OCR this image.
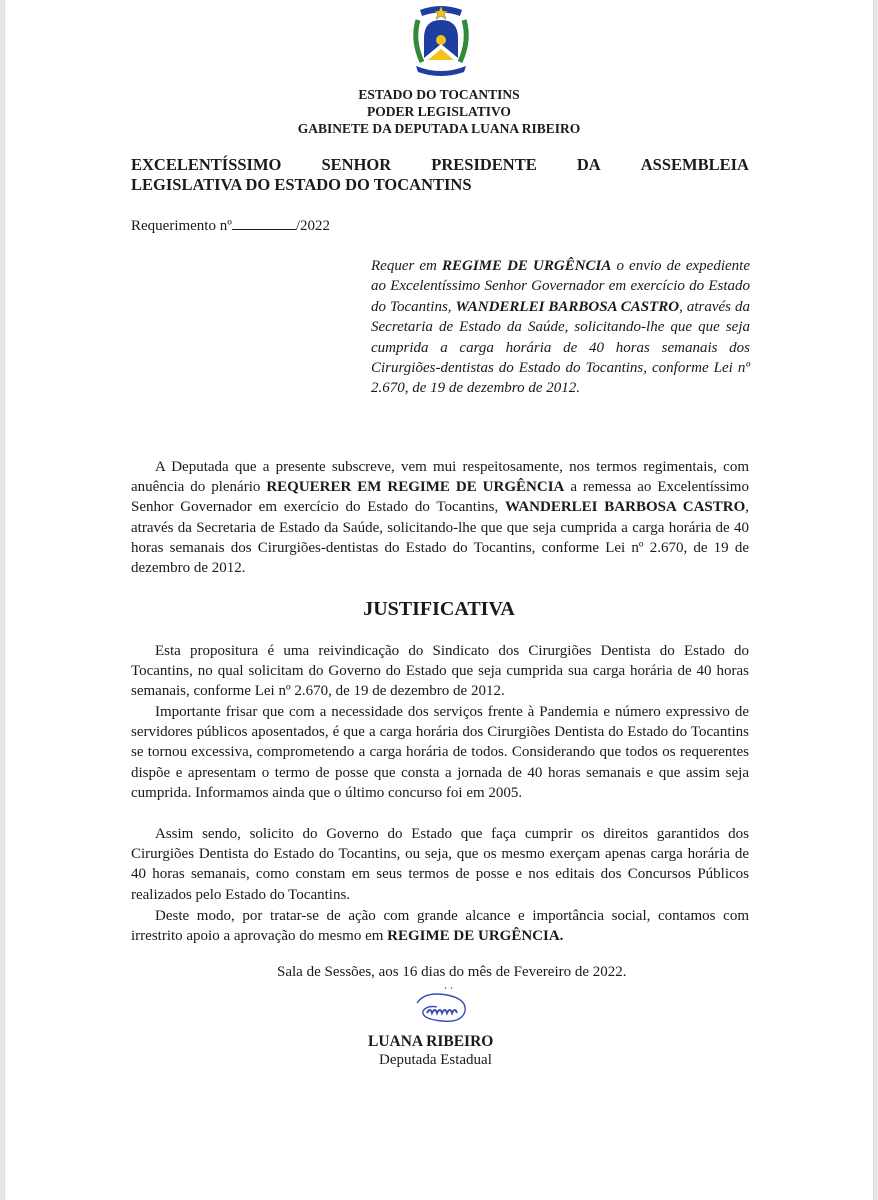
ESTADO DO TOCANTINS
PODER LEGISLATIVO
GABINETE DA DEPUTADA LUANA RIBEIRO
EXCELENTÍSSIMO SENHOR PRESIDENTE DA ASSEMBLEIA
LEGISLATIVA DO ESTADO DO TOCANTINS
Requerimento nº	/2022
Requer em REGIME DE URGÊNCIA o envio de expediente ao Excelentíssimo Senhor Governador em exercício do Estado do Tocantins, WANDERLEI BARBOSA CASTRO, através da Secretaria de Estado da Saúde, solicitando-lhe que que seja cumprida a carga horária de 40 horas semanais dos Cirurgiões-dentistas do Estado do Tocantins, conforme Lei nº 2.670, de 19 de dezembro de 2012.
A Deputada que a presente subscreve, vem mui respeitosamente, nos termos regimentais, com anuência do plenário REQUERER EM REGIME DE URGÊNCIA a remessa ao Excelentíssimo Senhor Governador em exercício do Estado do Tocantins, WANDERLEI BARBOSA CASTRO, através da Secretaria de Estado da Saúde, solicitando-lhe que que seja cumprida a carga horária de 40 horas semanais dos Cirurgiões-dentistas do Estado do Tocantins, conforme Lei nº 2.670, de 19 de dezembro de 2012.
JUSTIFICATIVA
Esta propositura é uma reivindicação do Sindicato dos Cirurgiões Dentista do Estado do Tocantins, no qual solicitam do Governo do Estado que seja cumprida sua carga horária de 40 horas semanais, conforme Lei nº 2.670, de 19 de dezembro de 2012.
Importante frisar que com a necessidade dos serviços frente à Pandemia e número expressivo de servidores públicos aposentados, é que a carga horária dos Cirurgiões Dentista do Estado do Tocantins se tornou excessiva, comprometendo a carga horária de todos. Considerando que todos os requerentes dispõe e apresentam o termo de posse que consta a jornada de 40 horas semanais e que assim seja cumprida. Informamos ainda que o último concurso foi em 2005.
Assim sendo, solicito do Governo do Estado que faça cumprir os direitos garantidos dos Cirurgiões Dentista do Estado do Tocantins, ou seja, que os mesmo exerçam apenas carga horária de 40 horas semanais, como constam em seus termos de posse e nos editais dos Concursos Públicos realizados pelo Estado do Tocantins.
Deste modo, por tratar-se de ação com grande alcance e importância social, contamos com irrestrito apoio a aprovação do mesmo em REGIME DE URGÊNCIA.
Sala de Sessões, aos 16 dias do mês de Fevereiro de 2022.
LUANA RIBEIRO
Deputada Estadual
